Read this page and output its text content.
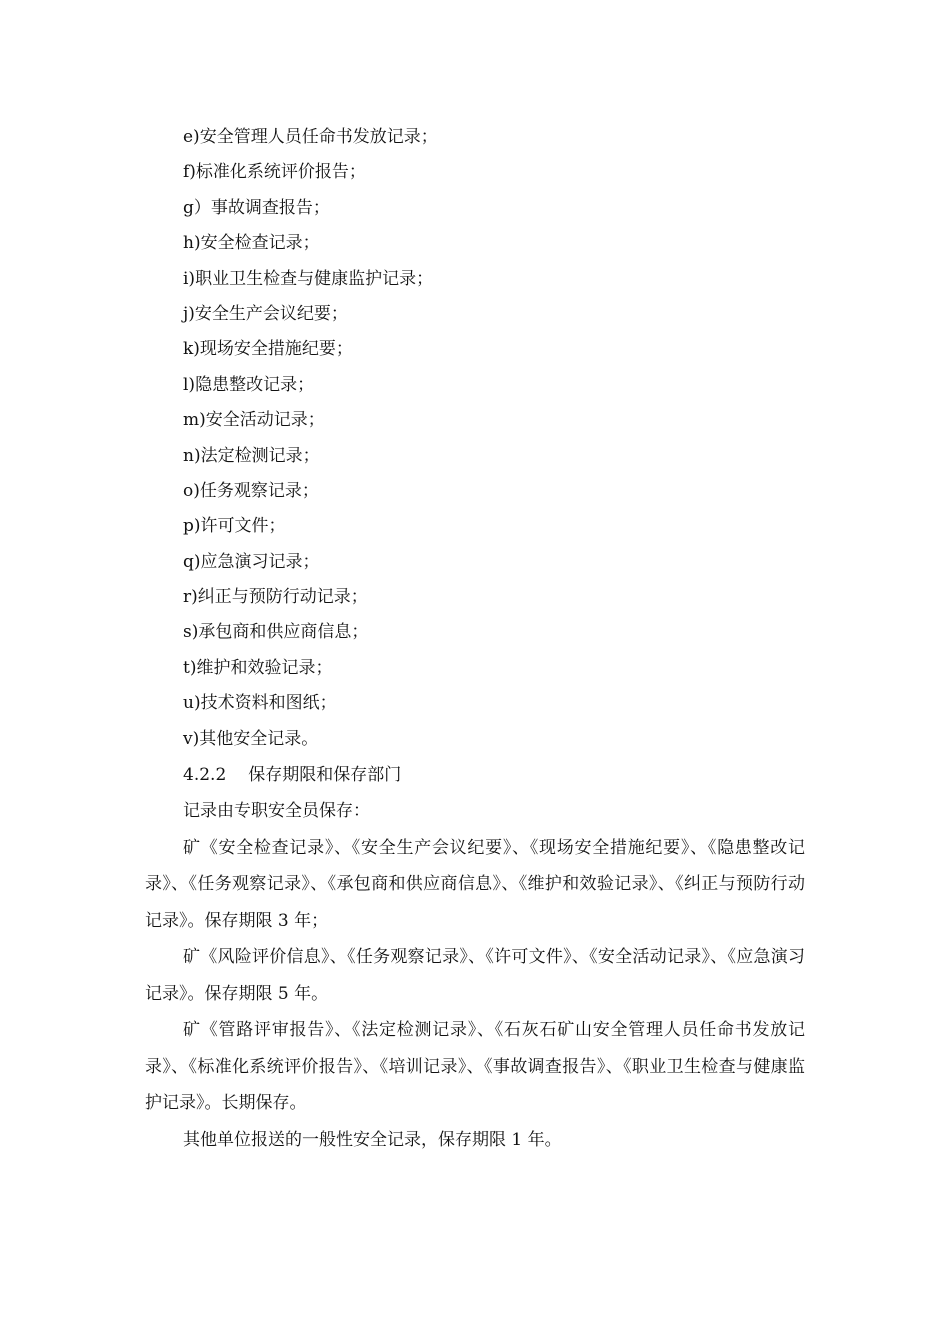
e)安全管理人员任命书发放记录；
f)标准化系统评价报告；
g）事故调查报告；
h)安全检查记录；
i)职业卫生检查与健康监护记录；
j)安全生产会议纪要；
k)现场安全措施纪要；
l)隐患整改记录；
m)安全活动记录；
n)法定检测记录；
o)任务观察记录；
p)许可文件；
q)应急演习记录；
r)纠正与预防行动记录；
s)承包商和供应商信息；
t)维护和效验记录；
u)技术资料和图纸；
v)其他安全记录。
4.2.2 保存期限和保存部门

记录由专职安全员保存：

矿《安全检查记录》、《安全生产会议纪要》、《现场安全措施纪要》、《隐患整改记录》、《任务观察记录》、《承包商和供应商信息》、《维护和效验记录》、《纠正与预防行动记录》。保存期限 3 年；

矿《风险评价信息》、《任务观察记录》、《许可文件》、《安全活动记录》、《应急演习记录》。保存期限 5 年。

矿《管路评审报告》、《法定检测记录》、《石灰石矿山安全管理人员任命书发放记录》、《标准化系统评价报告》、《培训记录》、《事故调查报告》、《职业卫生检查与健康监护记录》。长期保存。

其他单位报送的一般性安全记录，保存期限 1 年。
